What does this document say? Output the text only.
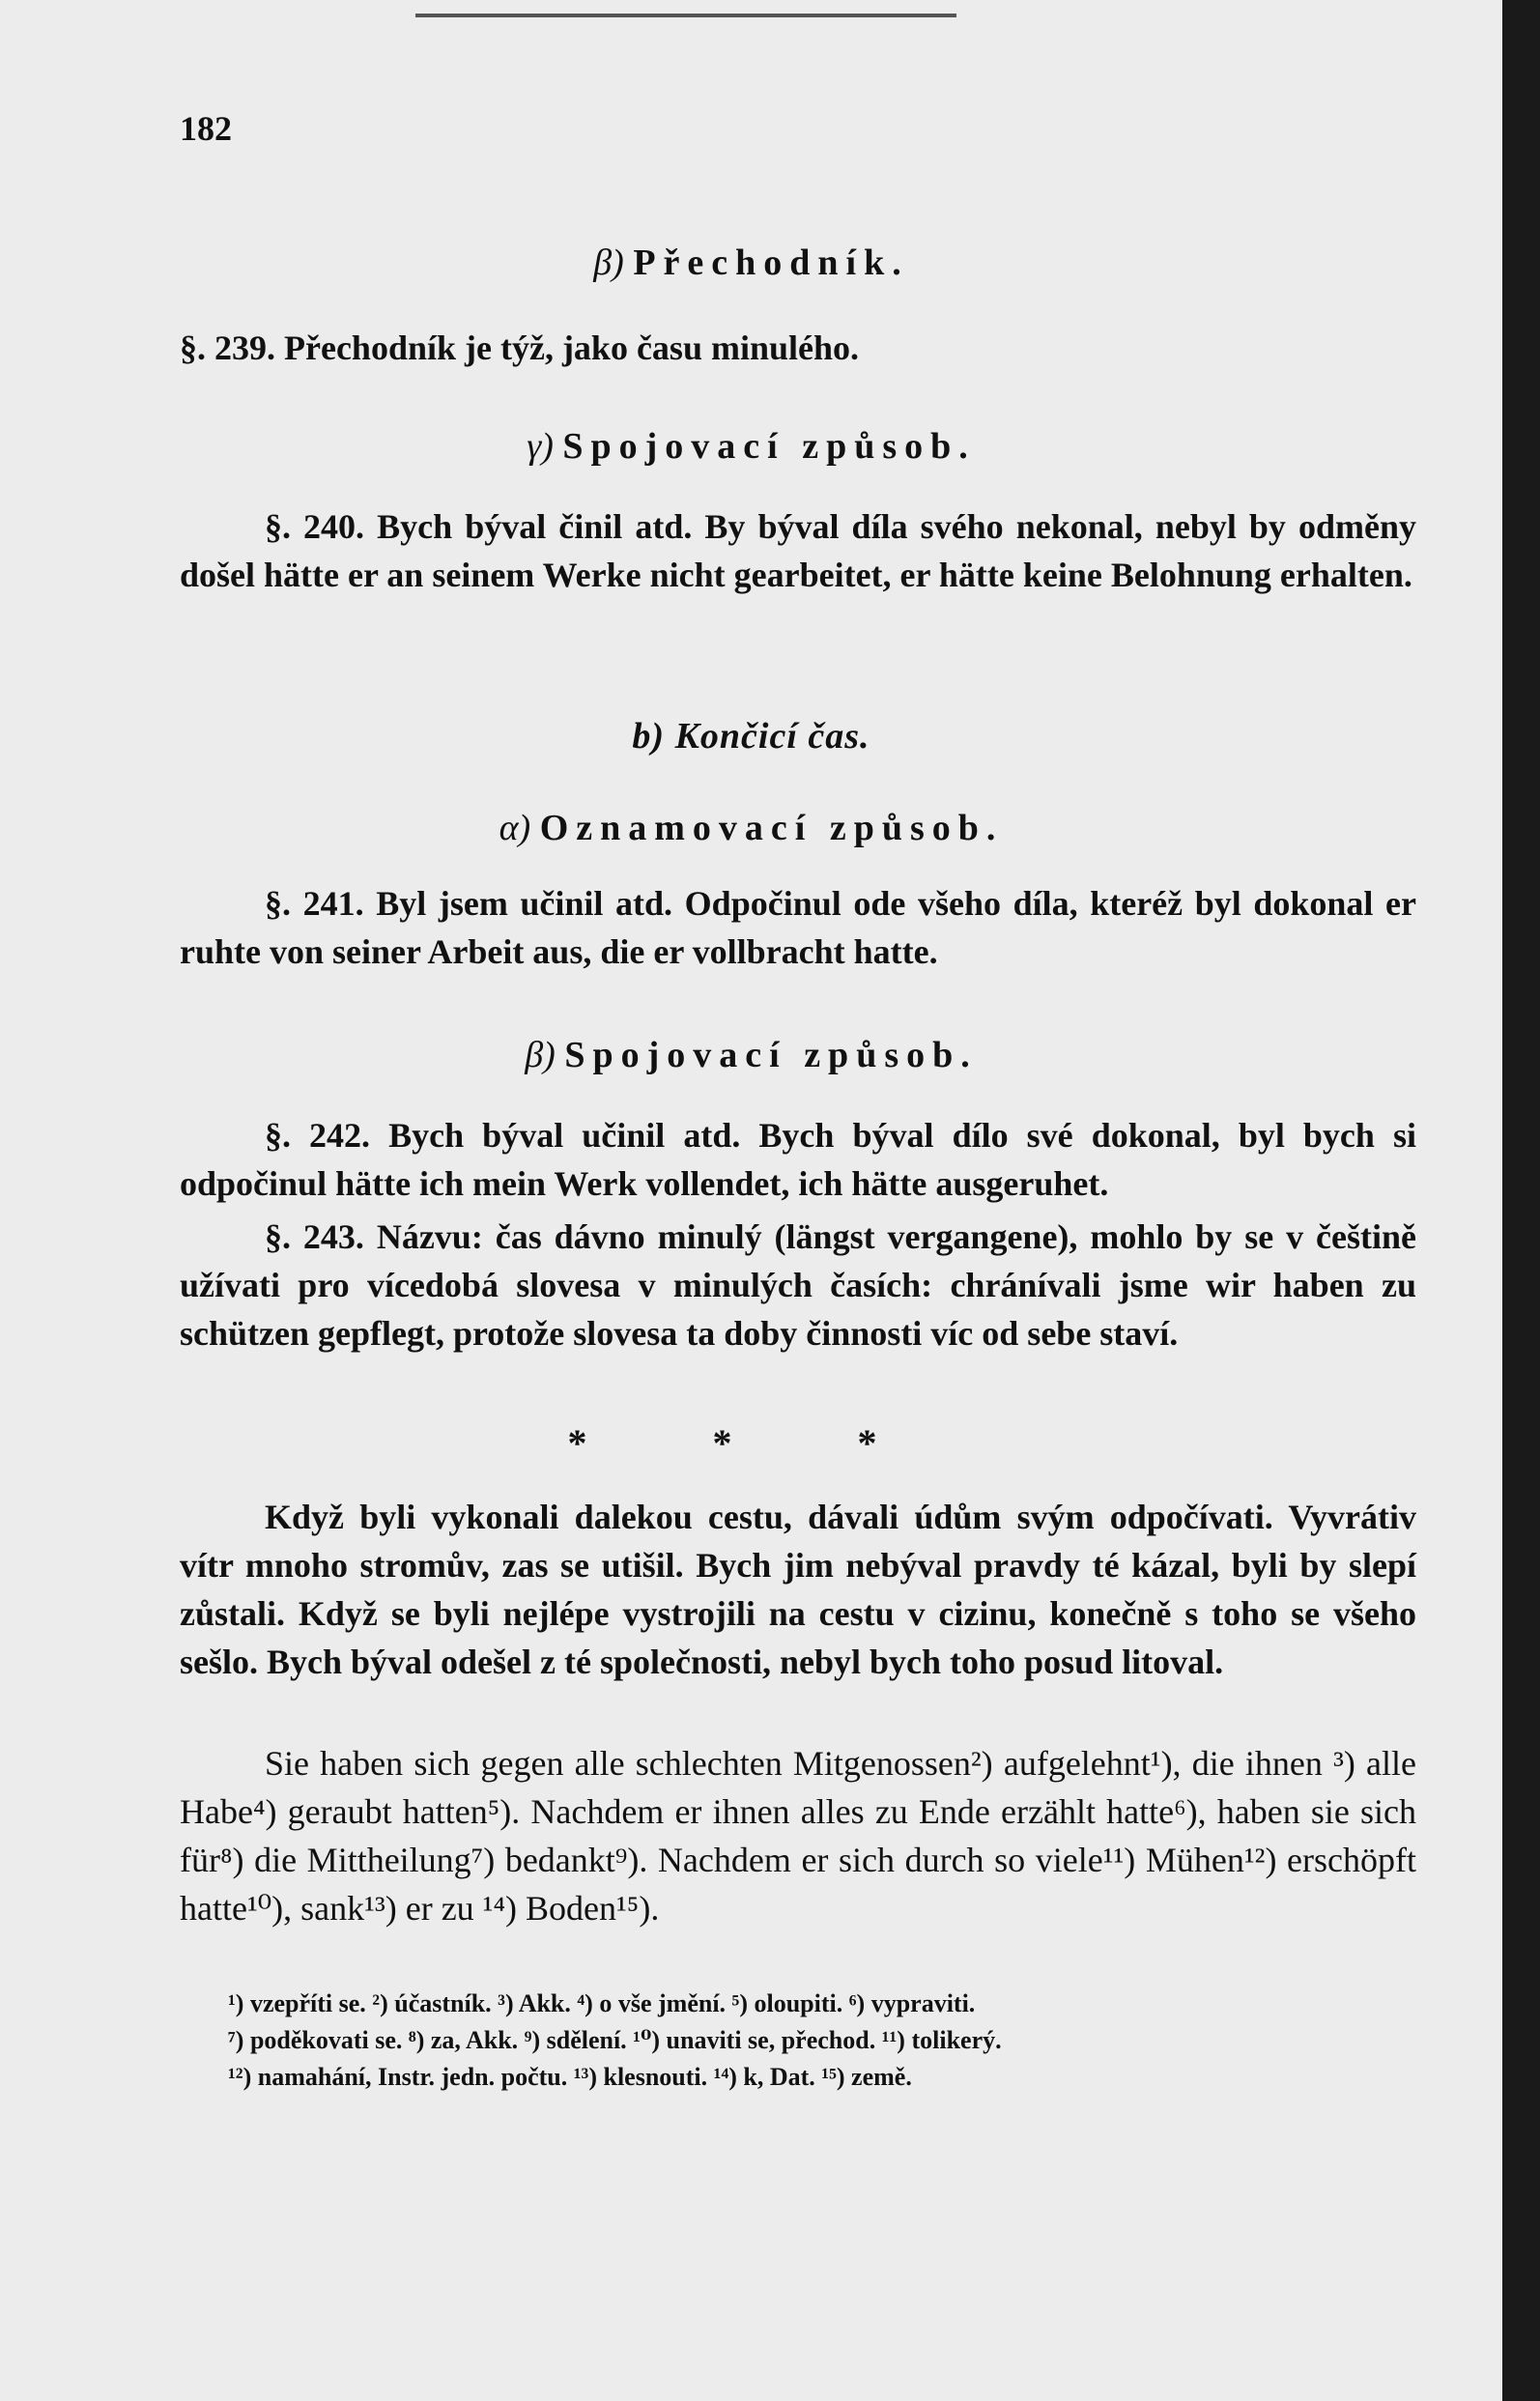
182
β) Přechodník.
§. 239. Přechodník je týž, jako času minulého.
γ) Spojovací způsob.
§. 240. Bych býval činil atd. By býval díla svého nekonal, nebyl by odměny došel hätte er an seinem Werke nicht gearbeitet, er hätte keine Belohnung erhalten.
b) Končicí čas.
α) Oznamovací způsob.
§. 241. Byl jsem učinil atd. Odpočinul ode všeho díla, kteréž byl dokonal er ruhte von seiner Arbeit aus, die er vollbracht hatte.
β) Spojovací způsob.
§. 242. Bych býval učinil atd. Bych býval dílo své dokonal, byl bych si odpočinul hätte ich mein Werk vollendet, ich hätte ausgeruhet.
§. 243. Názvu: čas dávno minulý (längst vergangene), mohlo by se v češtině užívati pro vícedobá slovesa v minulých časích: chránívali jsme wir haben zu schützen gepflegt, protože slovesa ta doby činnosti víc od sebe staví.
* * *
Když byli vykonali dalekou cestu, dávali údům svým odpočívati. Vyvrátiv vítr mnoho stromův, zas se utišil. Bych jim nebýval pravdy té kázal, byli by slepí zůstali. Když se byli nejlépe vystrojili na cestu v cizinu, konečně s toho se všeho sešlo. Bych býval odešel z té společnosti, nebyl bych toho posud litoval.
Sie haben sich gegen alle schlechten Mitgenossen²) aufgelehnt¹), die ihnen ³) alle Habe⁴) geraubt hatten⁵). Nachdem er ihnen alles zu Ende erzählt hatte⁶), haben sie sich für⁸) die Mittheilung⁷) bedankt⁹). Nachdem er sich durch so viele¹¹) Mühen¹²) erschöpft hatte¹⁰), sank¹³) er zu ¹⁴) Boden¹⁵).
¹) vzepříti se. ²) účastník. ³) Akk. ⁴) o vše jmění. ⁵) oloupiti. ⁶) vypraviti.
⁷) poděkovati se. ⁸) za, Akk. ⁹) sdělení. ¹⁰) unaviti se, přechod. ¹¹) tolikerý.
¹²) namahání, Instr. jedn. počtu. ¹³) klesnouti. ¹⁴) k, Dat. ¹⁵) země.
